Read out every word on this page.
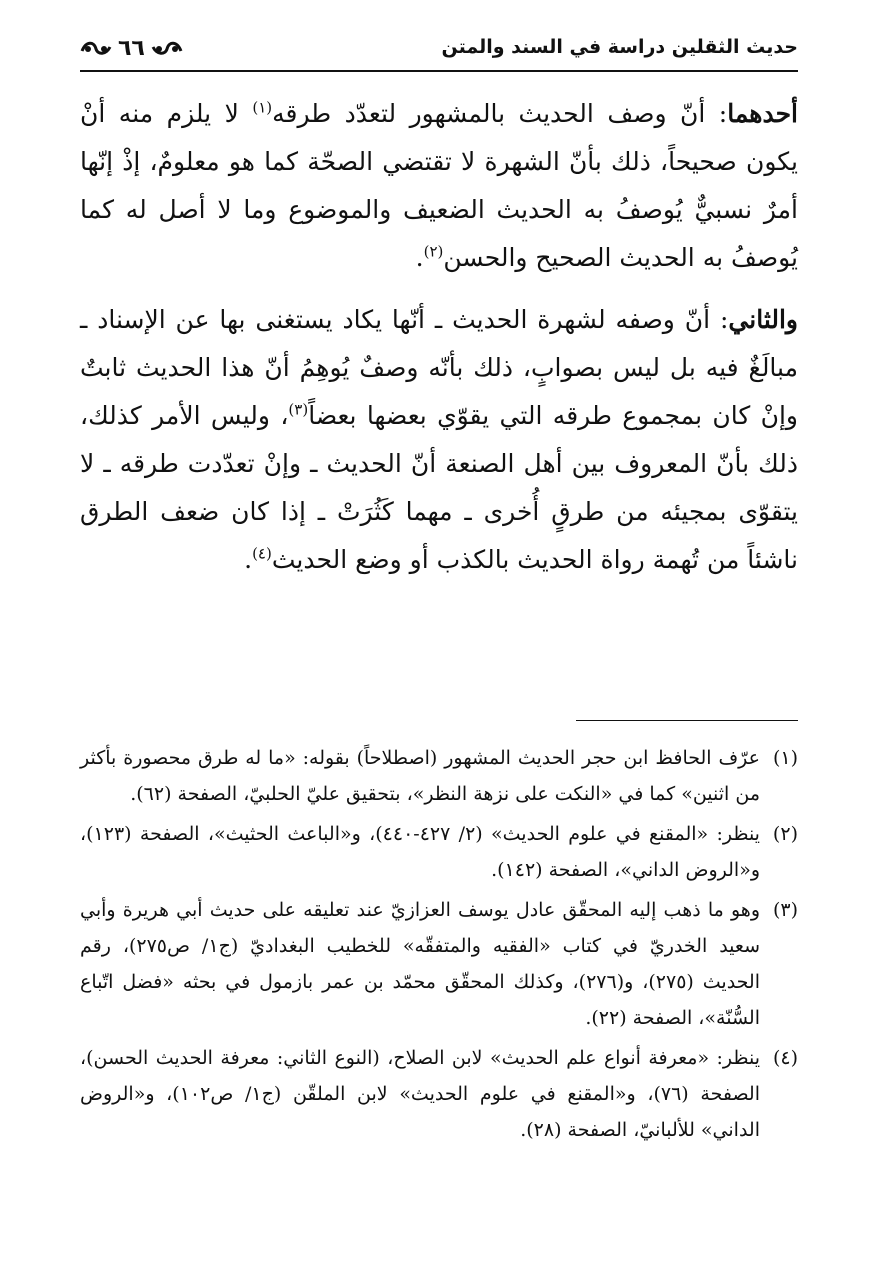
حديث الثقلين دراسة في السند والمتن
٦٦

أحدهما: أنّ وصف الحديث بالمشهور لتعدّد طرقه$^{(١)}$ لا يلزم منه أنْ يكون صحيحاً، ذلك بأنّ الشهرة لا تقتضي الصحّة كما هو معلومٌ، إذْ إنّها أمرٌ نسبيٌّ يُوصفُ به الحديث الضعيف والموضوع وما لا أصل له كما يُوصفُ به الحديث الصحيح والحسن$^{(٢)}$.

والثاني: أنّ وصفه لشهرة الحديث ـ أنّها يكاد يستغنى بها عن الإسناد ـ مبالَغٌ فيه بل ليس بصوابٍ، ذلك بأنّه وصفٌ يُوهِمُ أنّ هذا الحديث ثابتٌ وإنْ كان بمجموع طرقه التي يقوّي بعضها بعضاً$^{(٣)}$، وليس الأمر كذلك، ذلك بأنّ المعروف بين أهل الصنعة أنّ الحديث ـ وإنْ تعدّدت طرقه ـ لا يتقوّى بمجيئه من طرقٍ أُخرى ـ مهما كَثُرَتْ ـ إذا كان ضعف الطرق ناشئاً من تُهمة رواة الحديث بالكذب أو وضع الحديث$^{(٤)}$.

(١)عرّف الحافظ ابن حجر الحديث المشهور (اصطلاحاً) بقوله: «ما له طرق محصورة بأكثر من اثنين» كما في «النكت على نزهة النظر»، بتحقيق عليّ الحلبيّ، الصفحة (٦٢).

(٢)ينظر: «المقنع في علوم الحديث» (٢/ ٤٢٧-٤٤٠)، و«الباعث الحثيث»، الصفحة (١٢٣)، و«الروض الداني»، الصفحة (١٤٢).

(٣)وهو ما ذهب إليه المحقّق عادل يوسف العزازيّ عند تعليقه على حديث أبي هريرة وأبي سعيد الخدريّ في كتاب «الفقيه والمتفقّه» للخطيب البغداديّ (ج١/ ص٢٧٥)، رقم الحديث (٢٧٥)، و(٢٧٦)، وكذلك المحقّق محمّد بن عمر بازمول في بحثه «فضل اتّباع السُّنّة»، الصفحة (٢٢).

(٤)ينظر: «معرفة أنواع علم الحديث» لابن الصلاح، (النوع الثاني: معرفة الحديث الحسن)، الصفحة (٧٦)، و«المقنع في علوم الحديث» لابن الملقّن (ج١/ ص١٠٢)، و«الروض الداني» للألبانيّ، الصفحة (٢٨).
